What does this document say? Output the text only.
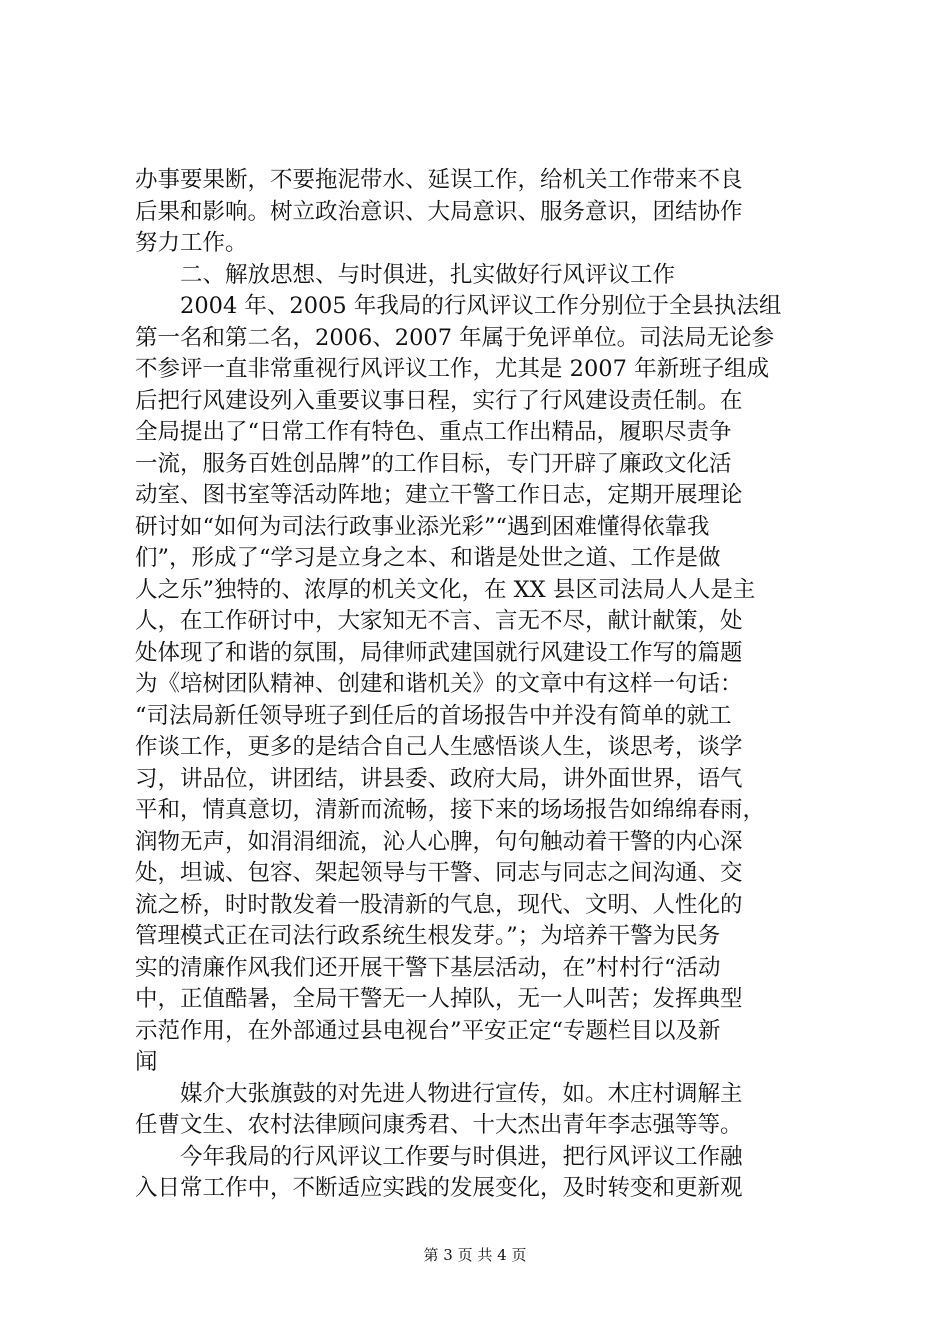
办事要果断，不要拖泥带水、延误工作，给机关工作带来不良
后果和影响。树立政治意识、大局意识、服务意识，团结协作
努力工作。
二、解放思想、与时俱进，扎实做好行风评议工作
2004 年、2005 年我局的行风评议工作分别位于全县执法组
第一名和第二名，2006、2007 年属于免评单位。司法局无论参
不参评一直非常重视行风评议工作，尤其是 2007 年新班子组成
后把行风建设列入重要议事日程，实行了行风建设责任制。在
全局提出了“日常工作有特色、重点工作出精品，履职尽责争
一流，服务百姓创品牌”的工作目标，专门开辟了廉政文化活
动室、图书室等活动阵地；建立干警工作日志，定期开展理论
研讨如“如何为司法行政事业添光彩”“遇到困难懂得依靠我
们”，形成了“学习是立身之本、和谐是处世之道、工作是做
人之乐”独特的、浓厚的机关文化，在 XX 县区司法局人人是主
人，在工作研讨中，大家知无不言、言无不尽，献计献策，处
处体现了和谐的氛围，局律师武建国就行风建设工作写的篇题
为《培树团队精神、创建和谐机关》的文章中有这样一句话：
“司法局新任领导班子到任后的首场报告中并没有简单的就工
作谈工作，更多的是结合自己人生感悟谈人生，谈思考，谈学
习，讲品位，讲团结，讲县委、政府大局，讲外面世界，语气
平和，情真意切，清新而流畅，接下来的场场报告如绵绵春雨，
润物无声，如涓涓细流，沁人心脾，句句触动着干警的内心深
处，坦诚、包容、架起领导与干警、同志与同志之间沟通、交
流之桥，时时散发着一股清新的气息，现代、文明、人性化的
管理模式正在司法行政系统生根发芽。”；为培养干警为民务
实的清廉作风我们还开展干警下基层活动，在”村村行“活动
中，正值酷暑，全局干警无一人掉队，无一人叫苦；发挥典型
示范作用，在外部通过县电视台”平安正定“专题栏目以及新
闻
媒介大张旗鼓的对先进人物进行宣传，如。木庄村调解主
任曹文生、农村法律顾问康秀君、十大杰出青年李志强等等。
今年我局的行风评议工作要与时俱进，把行风评议工作融
入日常工作中，不断适应实践的发展变化，及时转变和更新观
第 3 页 共 4 页
